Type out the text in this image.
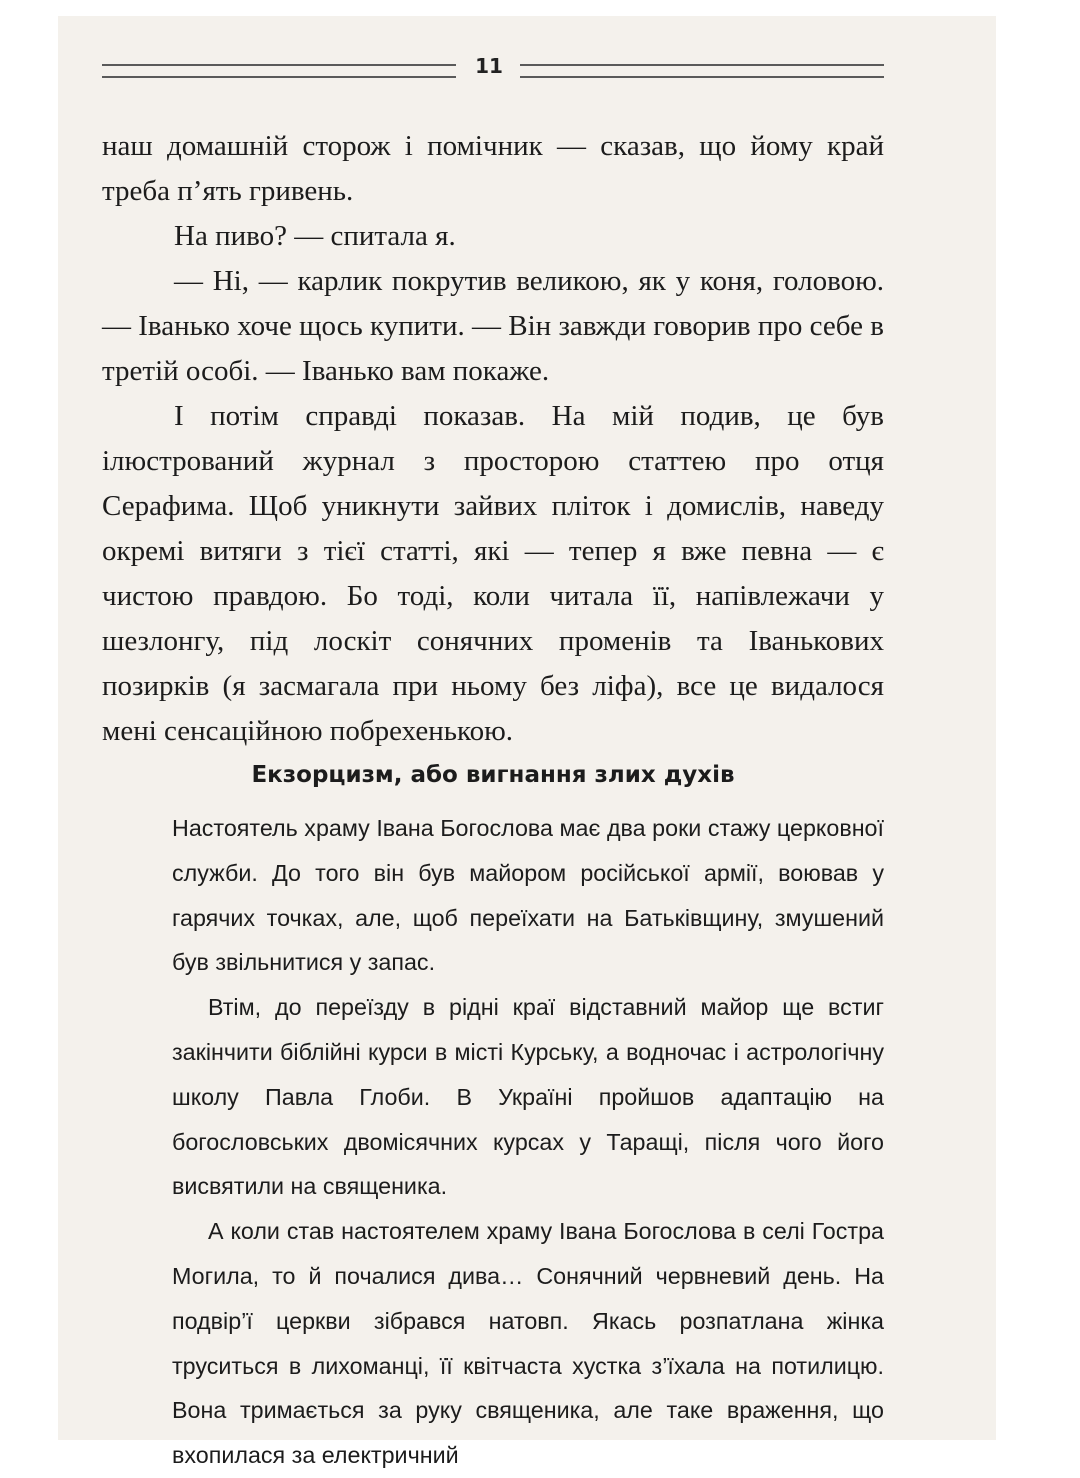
11

наш домашній сторож і помічник — сказав, що йому край треба п’ять гривень.

На пиво? — спитала я.

— Ні, — карлик покрутив великою, як у коня, головою. — Іванько хоче щось купити. — Він завжди говорив про себе в третій особі. — Іванько вам покаже.

І потім справді показав. На мій подив, це був ілюстрований журнал з просторою статтею про отця Серафима. Щоб уникнути зайвих пліток і домислів, наведу окремі витяги з тієї статті, які — тепер я вже певна — є чистою правдою. Бо тоді, коли читала її, напівлежачи у шезлонгу, під лоскіт сонячних променів та Іванькових позирків (я засмагала при ньому без ліфа), все це видалося мені сенсаційною побрехенькою.

Екзорцизм, або вигнання злих духів

Настоятель храму Івана Богослова має два роки стажу церковної служби. До того він був майором російської армії, воював у гарячих точках, але, щоб переїхати на Батьківщину, змушений був звільнитися у запас.

Втім, до переїзду в рідні краї відставний майор ще встиг закінчити біблійні курси в місті Курську, а водночас і астрологічну школу Павла Глоби. В Україні пройшов адаптацію на богословських двомісячних курсах у Таращі, після чого його висвятили на священика.

А коли став настоятелем храму Івана Богослова в селі Гостра Могила, то й почалися дива… Сонячний червневий день. На подвір’ї церкви зібрався натовп. Якась розпатлана жінка труситься в лихоманці, її квітчаста хустка з’їхала на потилицю. Вона тримається за руку священика, але таке враження, що вхопилася за електричний
